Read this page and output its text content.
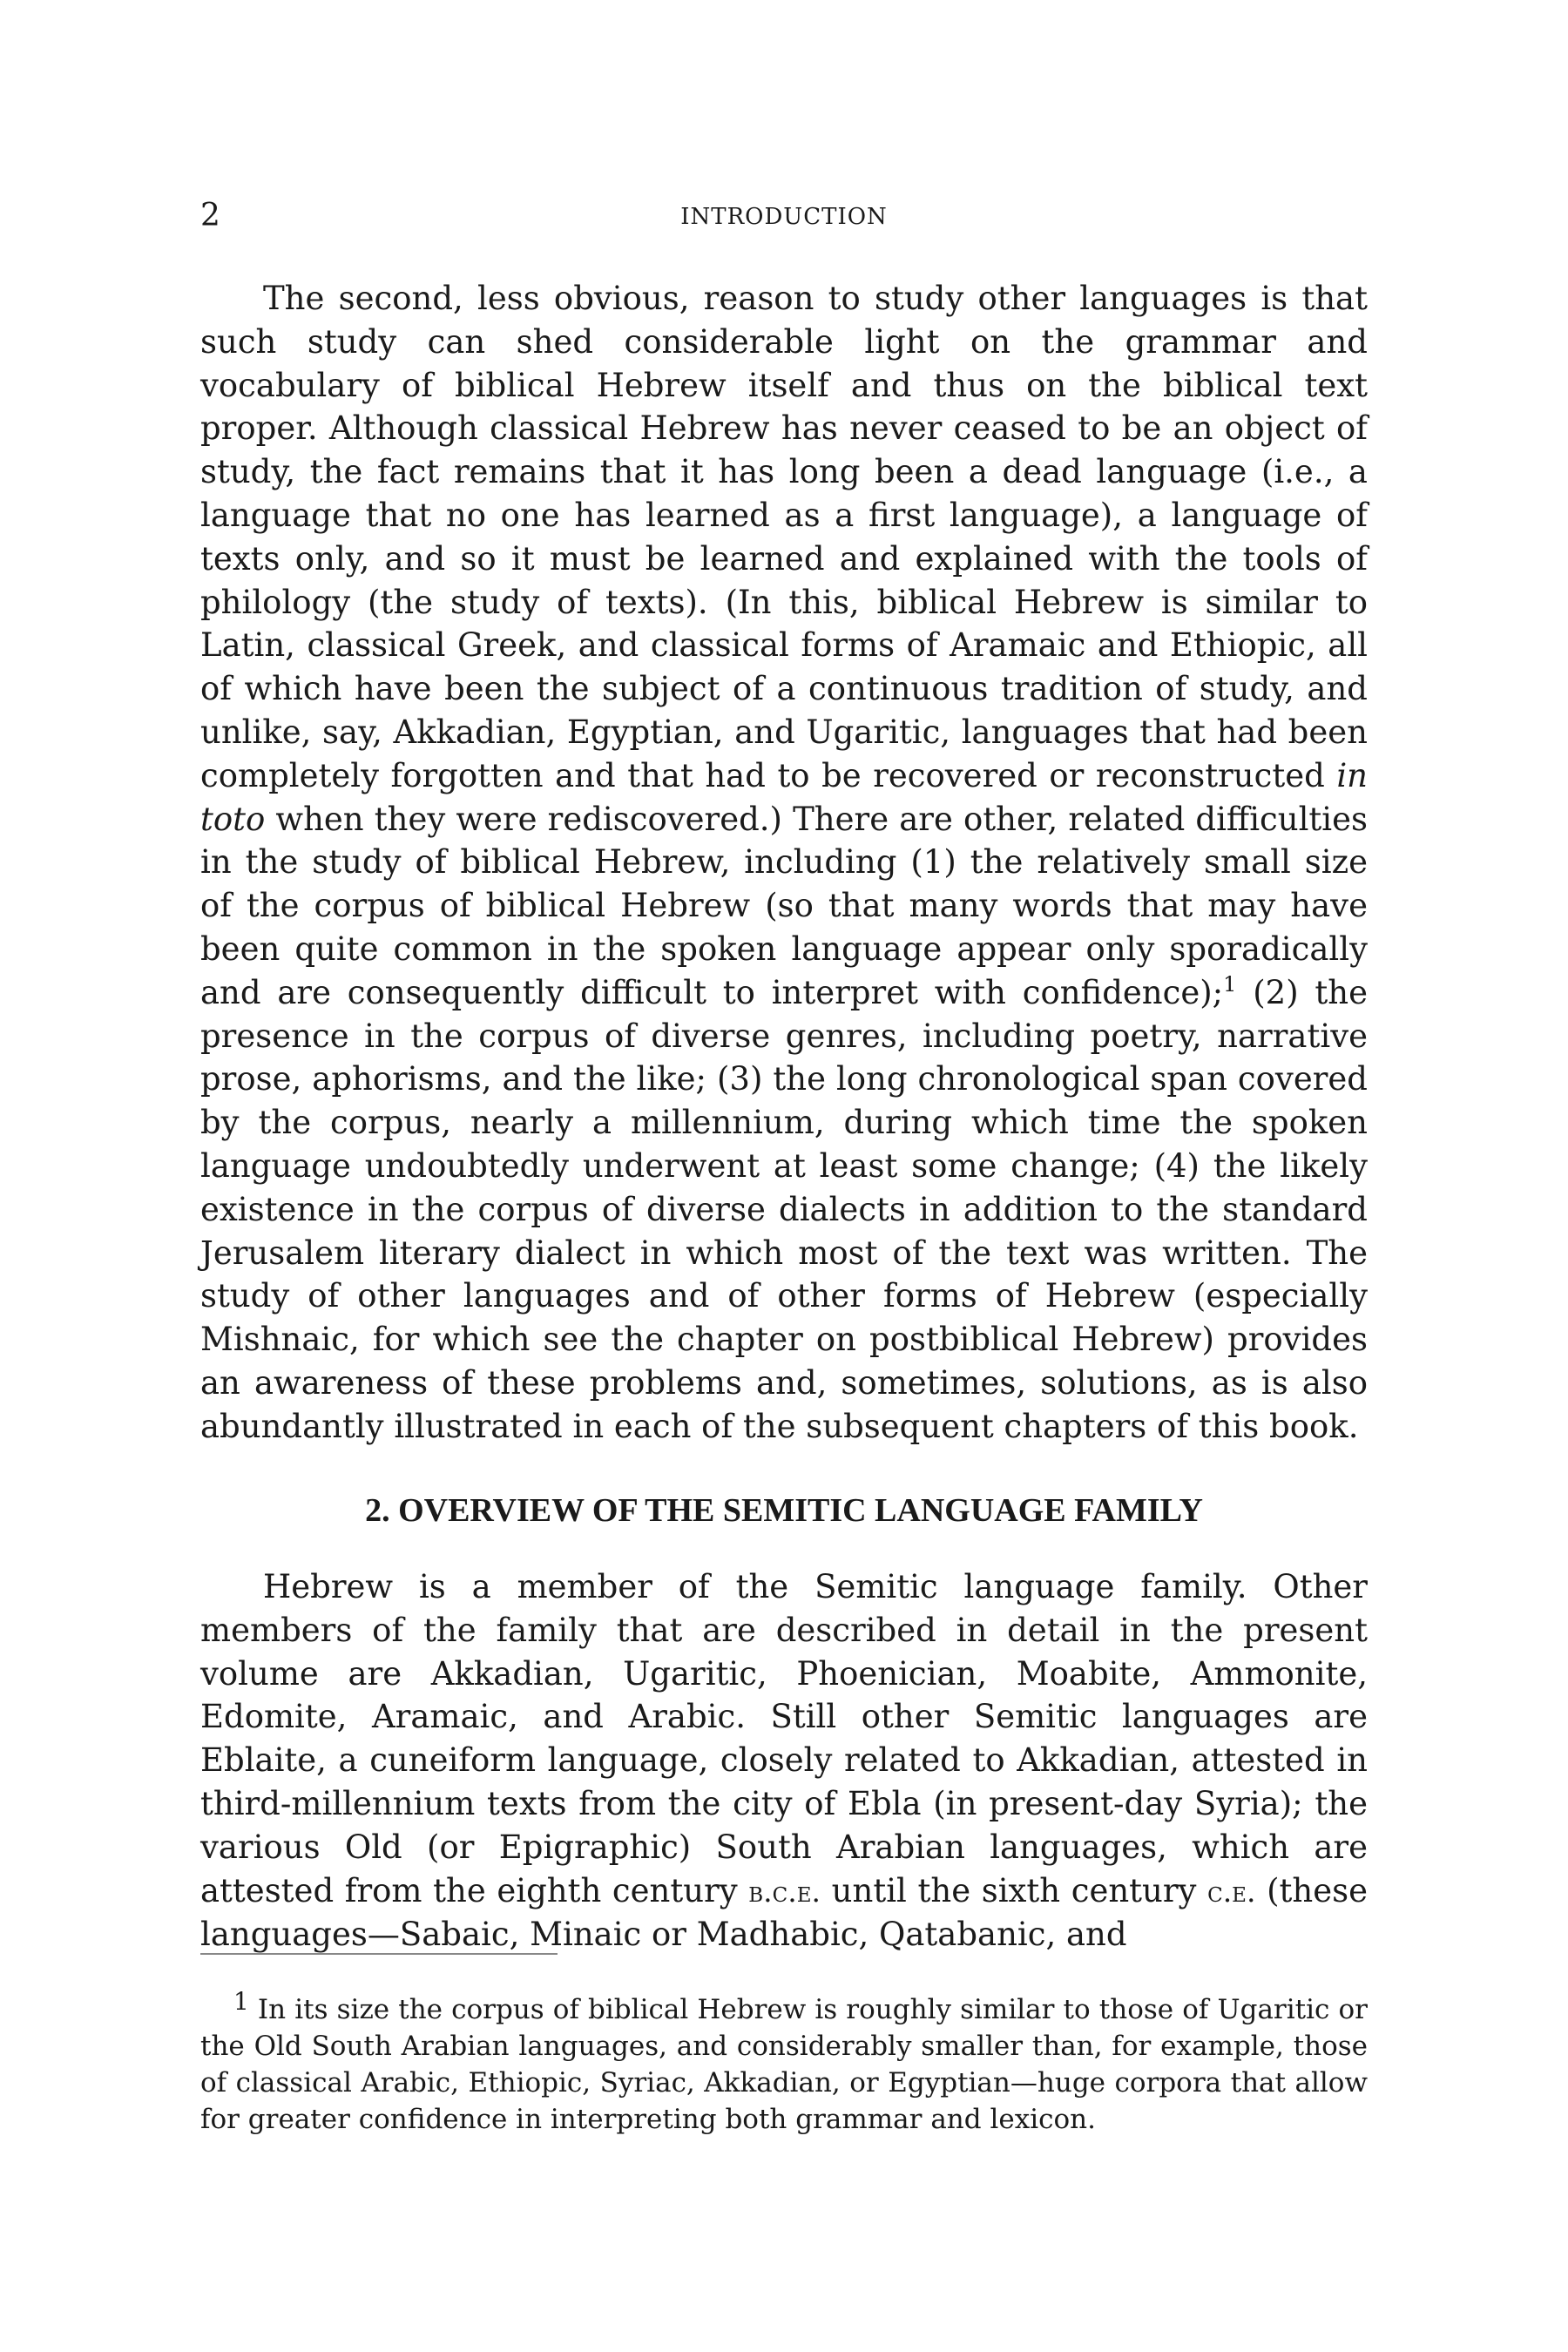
2	INTRODUCTION

The second, less obvious, reason to study other languages is that such study can shed considerable light on the grammar and vocabulary of biblical Hebrew itself and thus on the biblical text proper. Although classical Hebrew has never ceased to be an object of study, the fact remains that it has long been a dead language (i.e., a language that no one has learned as a first language), a language of texts only, and so it must be learned and explained with the tools of philology (the study of texts). (In this, biblical Hebrew is similar to Latin, classical Greek, and classical forms of Aramaic and Ethiopic, all of which have been the subject of a continuous tradition of study, and unlike, say, Akkadian, Egyptian, and Ugaritic, languages that had been completely forgotten and that had to be recovered or reconstructed in toto when they were rediscovered.) There are other, related difficulties in the study of biblical Hebrew, including (1) the relatively small size of the corpus of biblical Hebrew (so that many words that may have been quite common in the spoken language appear only sporadically and are consequently difficult to interpret with confidence);$^1$ (2) the presence in the corpus of diverse genres, including poetry, narrative prose, aphorisms, and the like; (3) the long chronological span covered by the corpus, nearly a millennium, during which time the spoken language undoubtedly underwent at least some change; (4) the likely existence in the corpus of diverse dialects in addition to the standard Jerusalem literary dialect in which most of the text was written. The study of other languages and of other forms of Hebrew (especially Mishnaic, for which see the chapter on postbiblical Hebrew) provides an awareness of these problems and, sometimes, solutions, as is also abundantly illustrated in each of the subsequent chapters of this book.

2. OVERVIEW OF THE SEMITIC LANGUAGE FAMILY

Hebrew is a member of the Semitic language family. Other members of the family that are described in detail in the present volume are Akkadian, Ugaritic, Phoenician, Moabite, Ammonite, Edomite, Aramaic, and Arabic. Still other Semitic languages are Eblaite, a cuneiform language, closely related to Akkadian, attested in third-millennium texts from the city of Ebla (in present-day Syria); the various Old (or Epigraphic) South Arabian languages, which are attested from the eighth century b.c.e. until the sixth century c.e. (these languages—Sabaic, Minaic or Madhabic, Qatabanic, and

$^1$ In its size the corpus of biblical Hebrew is roughly similar to those of Ugaritic or the Old South Arabian languages, and considerably smaller than, for example, those of classical Arabic, Ethiopic, Syriac, Akkadian, or Egyptian—huge corpora that allow for greater confidence in interpreting both grammar and lexicon.
